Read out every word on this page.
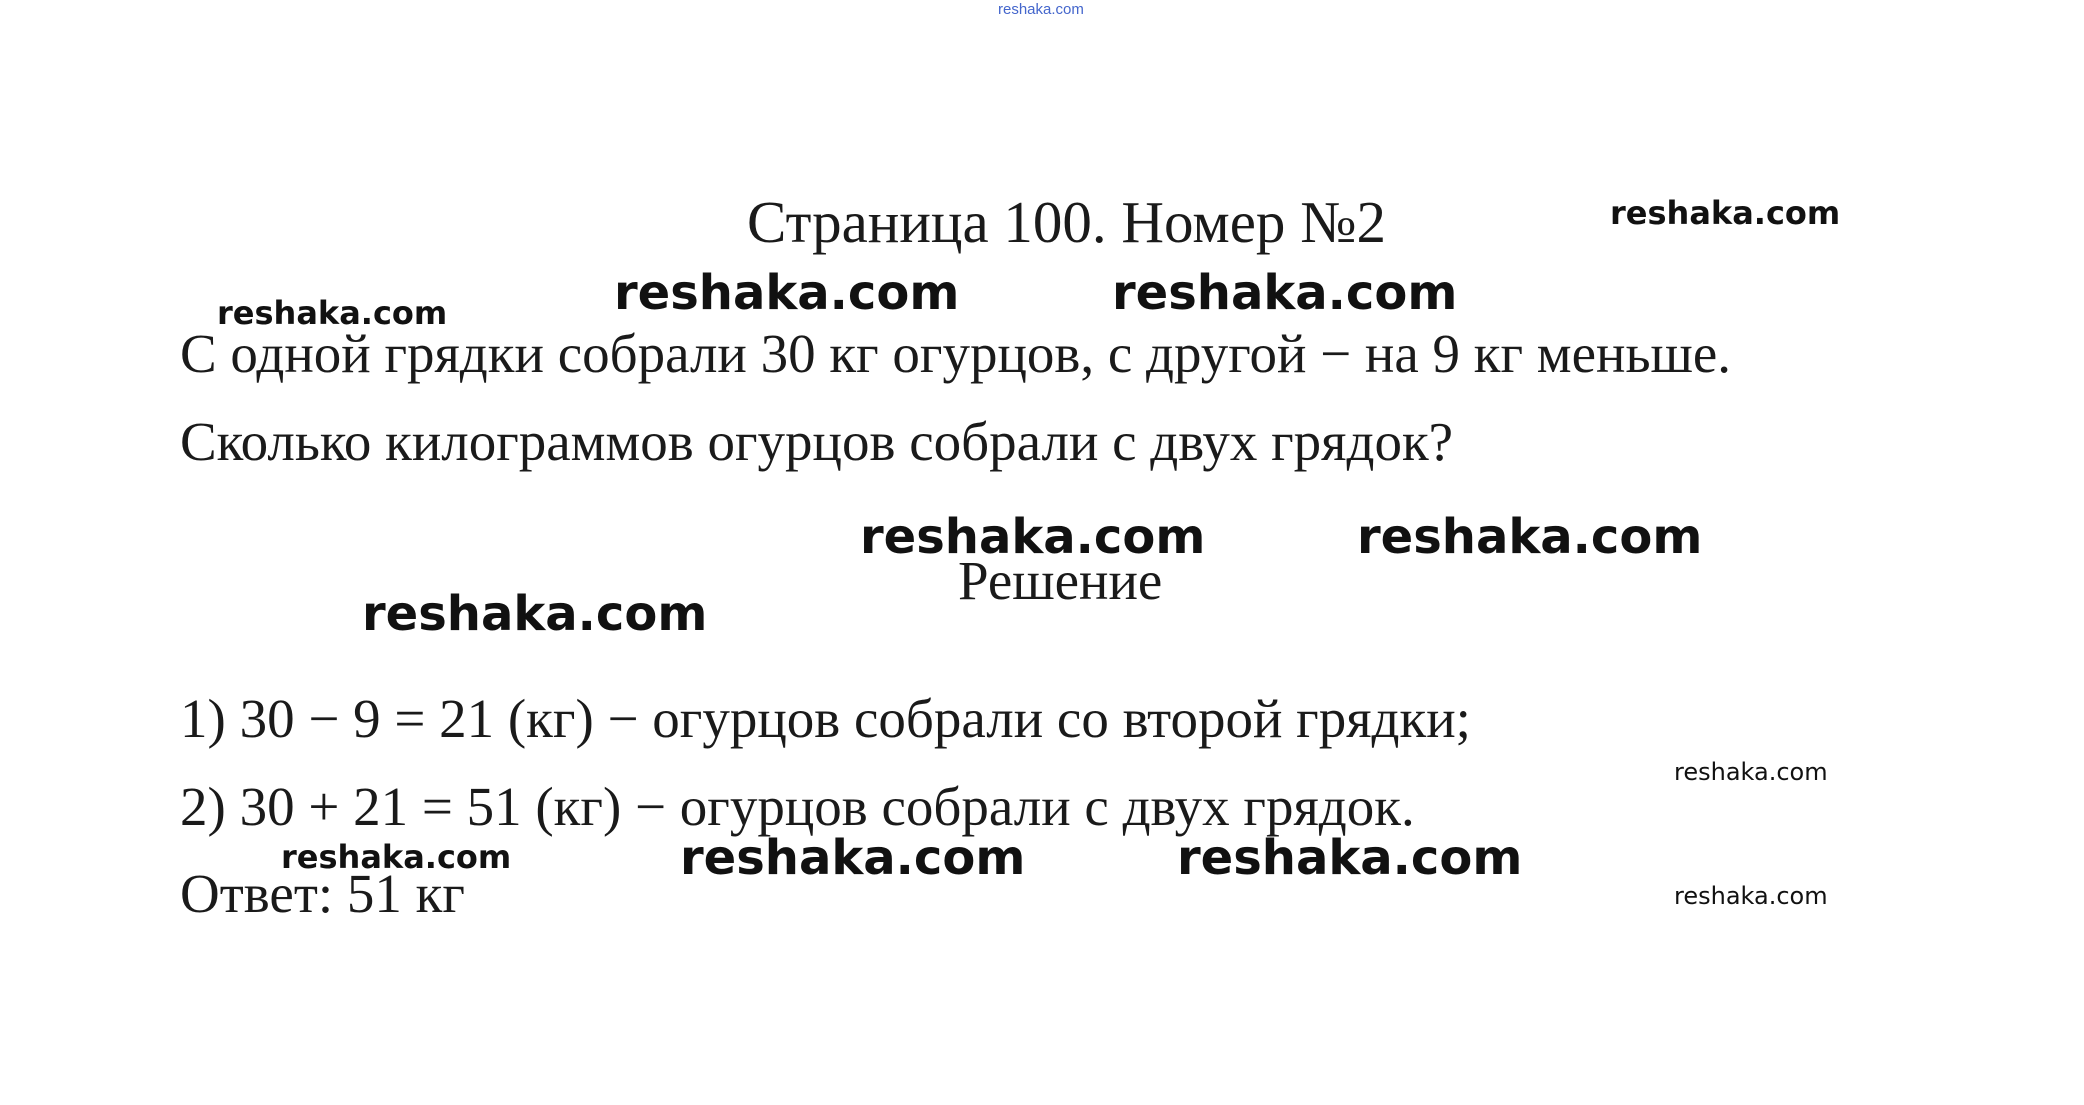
reshaka.com
Страница 100. Номер №2	reshaka.com
reshaka.com	reshaka.com
reshaka.com
С одной грядки собрали 30 кг огурцов, с другой − на 9 кг меньше.
Сколько килограммов огурцов собрали с двух грядок?
reshaka.com	reshaka.com
Решение
reshaka.com
1) 30 − 9 = 21 (кг) − огурцов собрали со второй грядки;
reshaka.com
2) 30 + 21 = 51 (кг) − огурцов собрали с двух грядок.
reshaka.com	reshaka.com	reshaka.com
Ответ: 51 кг	reshaka.com
